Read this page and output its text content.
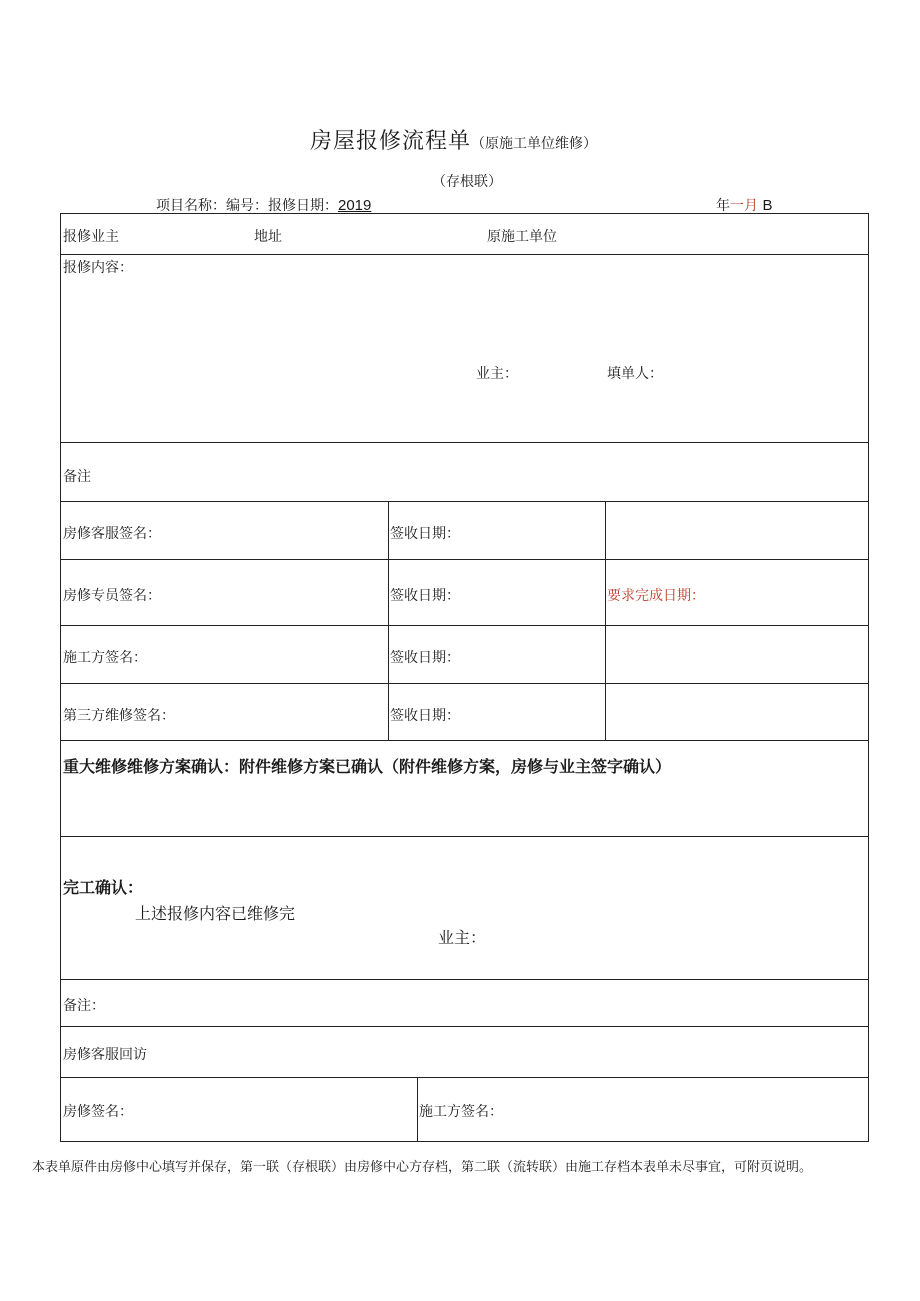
房屋报修流程单（原施工单位维修）
（存根联）
项目名称：编号：报修日期：2019	年一月 B
报修业主	地址	原施工单位
报修内容：
业主：	填单人：
备注
房修客服签名：	签收日期：
房修专员签名：	签收日期：	要求完成日期：
施工方签名：	签收日期：
第三方维修签名：	签收日期：
重大维修维修方案确认：附件维修方案已确认（附件维修方案，房修与业主签字确认）
完工确认：
上述报修内容已维修完
业主：
备注：
房修客服回访
房修签名：	施工方签名：
本表单原件由房修中心填写并保存，第一联（存根联）由房修中心方存档，第二联（流转联）由施工存档本表单未尽事宜，可附页说明。
